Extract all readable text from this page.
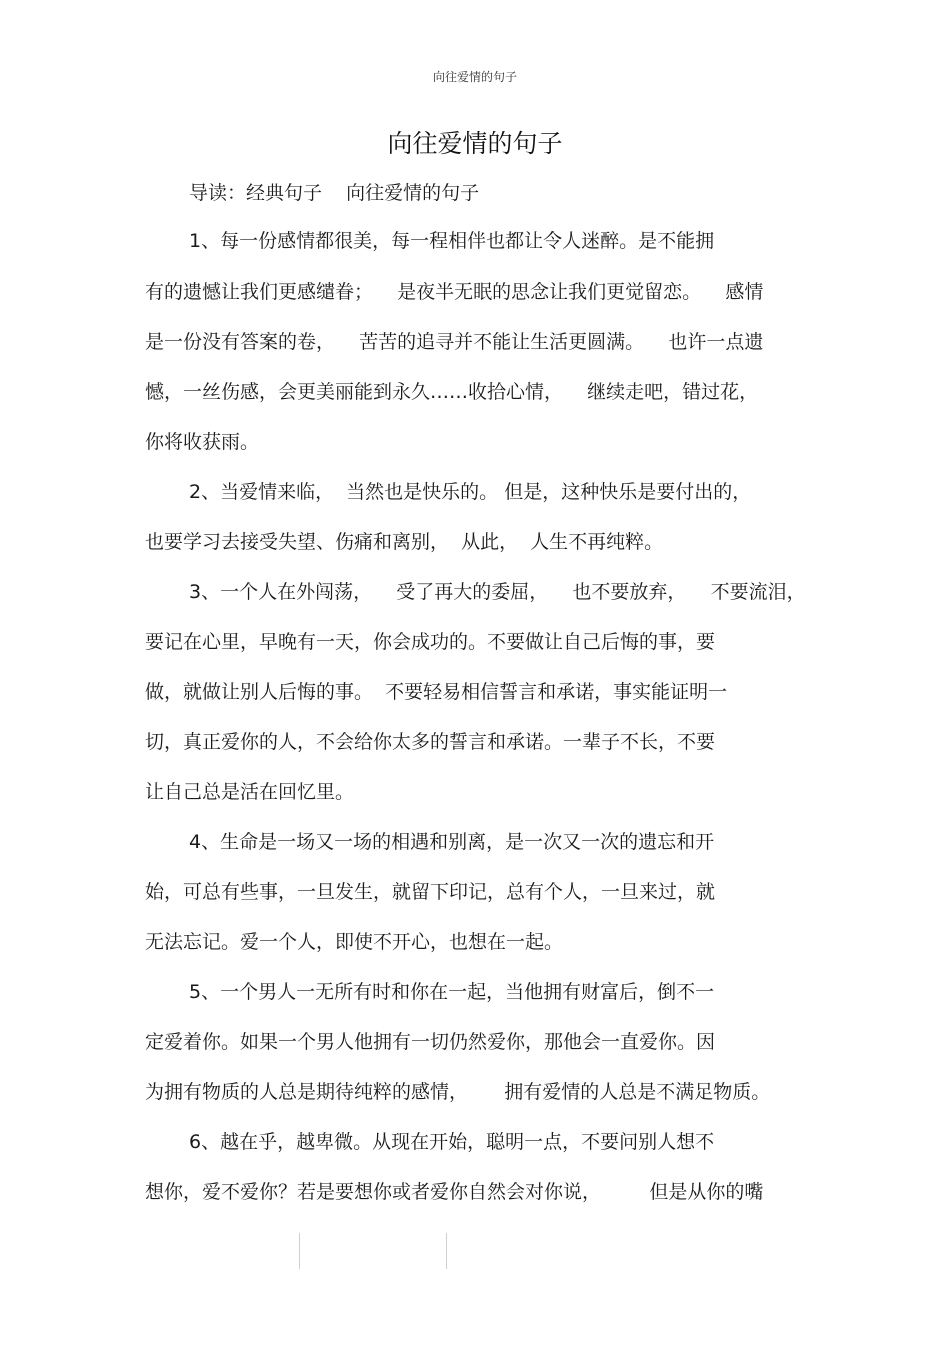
向往爱情的句子
向往爱情的句子
导读：经典句子    向往爱情的句子
1、每一份感情都很美，每一程相伴也都让令人迷醉。是不能拥
有的遗憾让我们更感缱眷；    是夜半无眠的思念让我们更觉留恋。    感情
是一份没有答案的卷，    苦苦的追寻并不能让生活更圆满。    也许一点遗
憾，一丝伤感，会更美丽能到永久……收拾心情，    继续走吧，错过花，
你将收获雨。
2、当爱情来临，  当然也是快乐的。 但是，这种快乐是要付出的，
也要学习去接受失望、伤痛和离别，  从此，  人生不再纯粹。
3、一个人在外闯荡，    受了再大的委屈，    也不要放弃，    不要流泪，
要记在心里，早晚有一天，你会成功的。不要做让自己后悔的事，要
做，就做让别人后悔的事。  不要轻易相信誓言和承诺，事实能证明一
切，真正爱你的人，不会给你太多的誓言和承诺。一辈子不长，不要
让自己总是活在回忆里。
4、生命是一场又一场的相遇和别离，是一次又一次的遗忘和开
始，可总有些事，一旦发生，就留下印记，总有个人，一旦来过，就
无法忘记。爱一个人，即使不开心，也想在一起。
5、一个男人一无所有时和你在一起，当他拥有财富后，倒不一
定爱着你。如果一个男人他拥有一切仍然爱你，那他会一直爱你。因
为拥有物质的人总是期待纯粹的感情，      拥有爱情的人总是不满足物质。
6、越在乎，越卑微。从现在开始，聪明一点，不要问别人想不
想你，爱不爱你？若是要想你或者爱你自然会对你说，        但是从你的嘴
